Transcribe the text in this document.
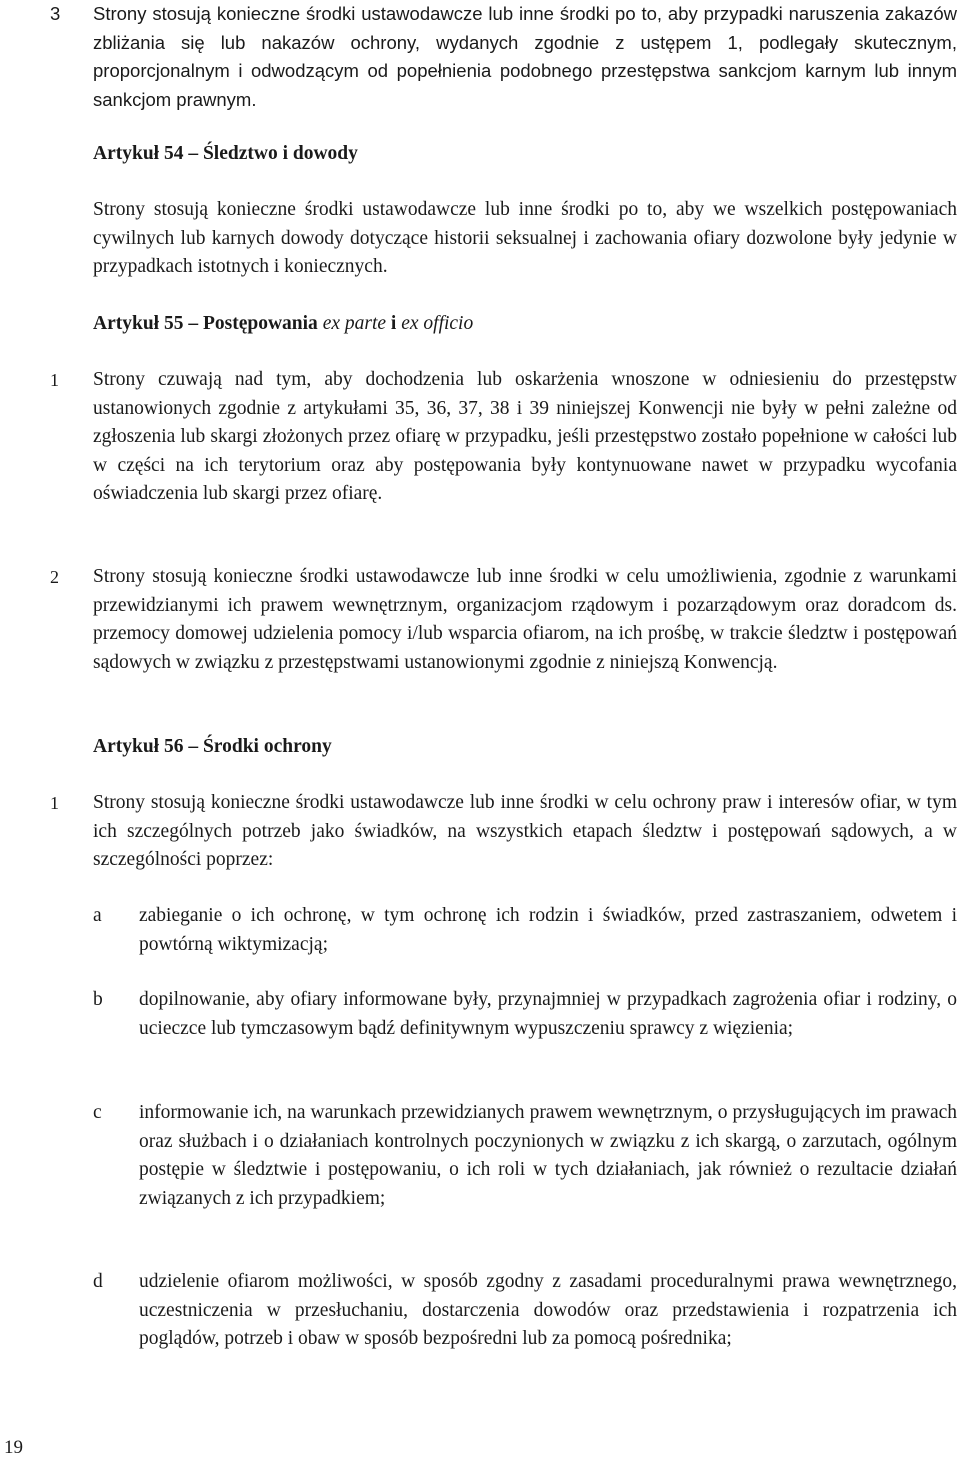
3 Strony stosują konieczne środki ustawodawcze lub inne środki po to, aby przypadki naruszenia zakazów zbliżania się lub nakazów ochrony, wydanych zgodnie z ustępem 1, podlegały skutecznym, proporcjonalnym i odwodzącym od popełnienia podobnego przestępstwa sankcjom karnym lub innym sankcjom prawnym.
Artykuł 54 – Śledztwo i dowody
Strony stosują konieczne środki ustawodawcze lub inne środki po to, aby we wszelkich postępowaniach cywilnych lub karnych dowody dotyczące historii seksualnej i zachowania ofiary dozwolone były jedynie w przypadkach istotnych i koniecznych.
Artykuł 55 – Postępowania ex parte i ex officio
1 Strony czuwają nad tym, aby dochodzenia lub oskarżenia wnoszone w odniesieniu do przestępstw ustanowionych zgodnie z artykułami 35, 36, 37, 38 i 39 niniejszej Konwencji nie były w pełni zależne od zgłoszenia lub skargi złożonych przez ofiarę w przypadku, jeśli przestępstwo zostało popełnione w całości lub w części na ich terytorium oraz aby postępowania były kontynuowane nawet w przypadku wycofania oświadczenia lub skargi przez ofiarę.
2 Strony stosują konieczne środki ustawodawcze lub inne środki w celu umożliwienia, zgodnie z warunkami przewidzianymi ich prawem wewnętrznym, organizacjom rządowym i pozarządowym oraz doradcom ds. przemocy domowej udzielenia pomocy i/lub wsparcia ofiarom, na ich prośbę, w trakcie śledztw i postępowań sądowych w związku z przestępstwami ustanowionymi zgodnie z niniejszą Konwencją.
Artykuł 56 – Środki ochrony
1 Strony stosują konieczne środki ustawodawcze lub inne środki w celu ochrony praw i interesów ofiar, w tym ich szczególnych potrzeb jako świadków, na wszystkich etapach śledztw i postępowań sądowych, a w szczególności poprzez:
a zabieganie o ich ochronę, w tym ochronę ich rodzin i świadków, przed zastraszaniem, odwetem i powtórną wiktymizacją;
b dopilnowanie, aby ofiary informowane były, przynajmniej w przypadkach zagrożenia ofiar i rodziny, o ucieczce lub tymczasowym bądź definitywnym wypuszczeniu sprawcy z więzienia;
c informowanie ich, na warunkach przewidzianych prawem wewnętrznym, o przysługujących im prawach oraz służbach i o działaniach kontrolnych poczynionych w związku z ich skargą, o zarzutach, ogólnym postępie w śledztwie i postępowaniu, o ich roli w tych działaniach, jak również o rezultacie działań związanych z ich przypadkiem;
d udzielenie ofiarom możliwości, w sposób zgodny z zasadami proceduralnymi prawa wewnętrznego, uczestniczenia w przesłuchaniu, dostarczenia dowodów oraz przedstawienia i rozpatrzenia ich poglądów, potrzeb i obaw w sposób bezpośredni lub za pomocą pośrednika;
19
